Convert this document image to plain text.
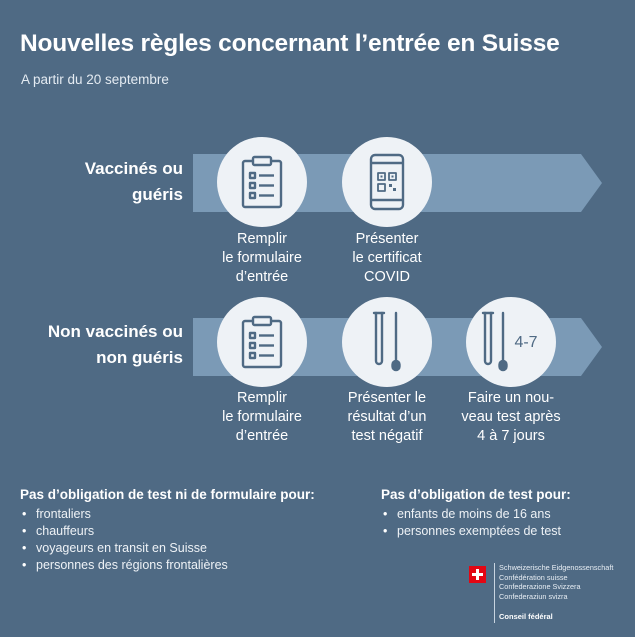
Nouvelles règles concernant l’entrée en Suisse
A partir du 20 septembre
Vaccinés ou
guéris
Remplir
le formulaire
d’entrée
Présenter
le certificat
COVID
Non vaccinés ou
non guéris
Remplir
le formulaire
d’entrée
Présenter le
résultat d’un
test négatif
4-7
Faire un nou-
veau test après
4 à 7 jours
Pas d’obligation de test ni de formulaire pour:
• frontaliers
• chauffeurs
• voyageurs en transit en Suisse
• personnes des régions frontalières
Pas d’obligation de test pour:
• enfants de moins de 16 ans
• personnes exemptées de test
Schweizerische Eidgenossenschaft
Confédération suisse
Confederazione Svizzera
Confederaziun svizra
Conseil fédéral
